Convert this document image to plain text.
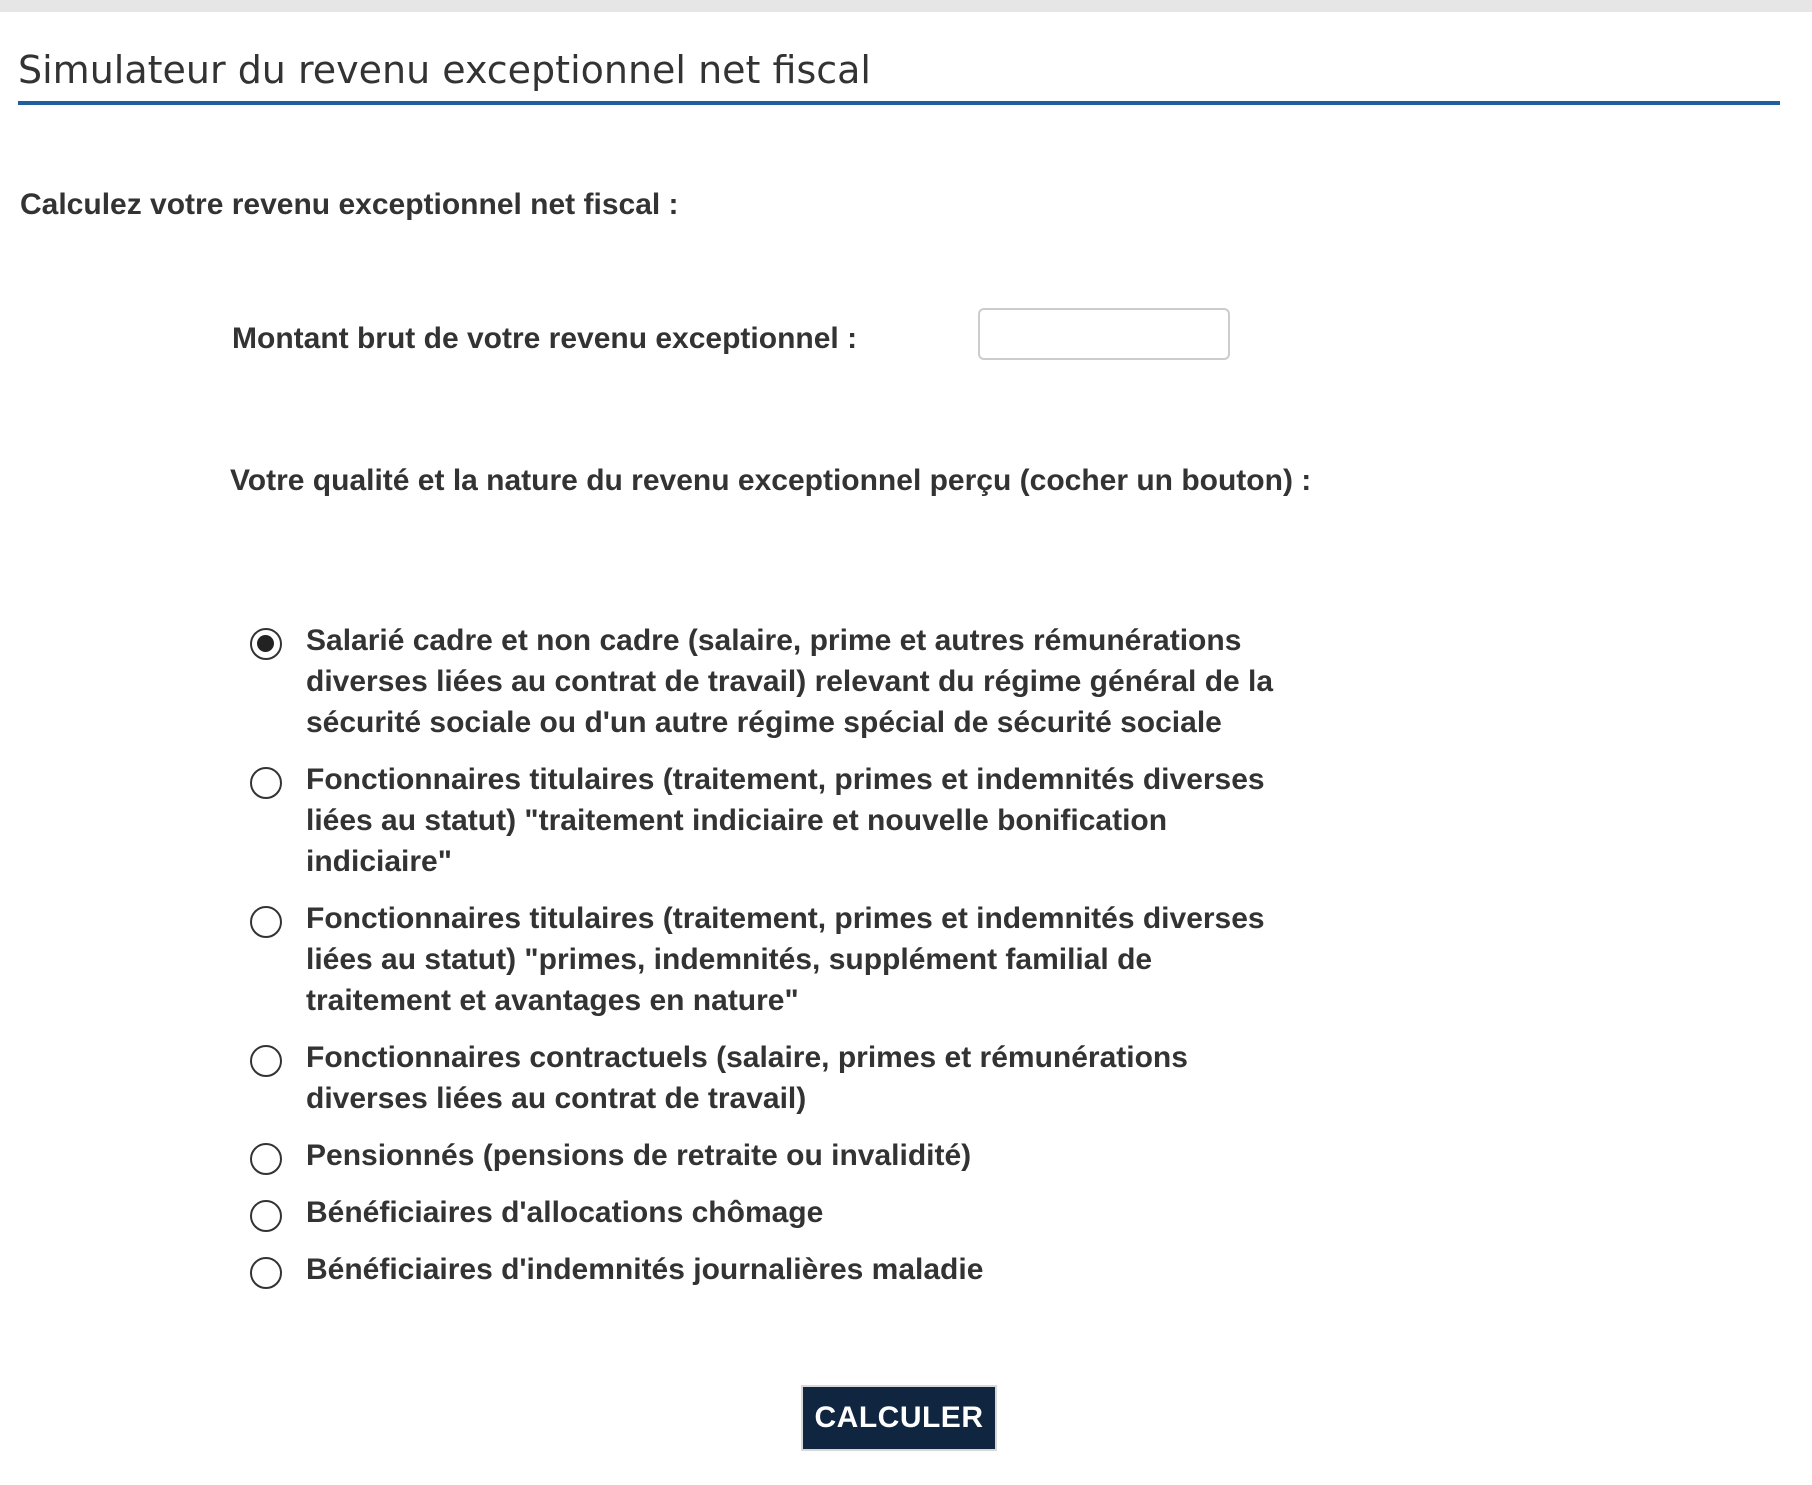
Simulateur du revenu exceptionnel net fiscal
Calculez votre revenu exceptionnel net fiscal :
Montant brut de votre revenu exceptionnel :
Votre qualité et la nature du revenu exceptionnel perçu (cocher un bouton) :
Salarié cadre et non cadre (salaire, prime et autres rémunérations diverses liées au contrat de travail) relevant du régime général de la sécurité sociale ou d'un autre régime spécial de sécurité sociale
Fonctionnaires titulaires (traitement, primes et indemnités diverses liées au statut) "traitement indiciaire et nouvelle bonification indiciaire"
Fonctionnaires titulaires (traitement, primes et indemnités diverses liées au statut) "primes, indemnités, supplément familial de traitement et avantages en nature"
Fonctionnaires contractuels (salaire, primes et rémunérations diverses liées au contrat de travail)
Pensionnés (pensions de retraite ou invalidité)
Bénéficiaires d'allocations chômage
Bénéficiaires d'indemnités journalières maladie
CALCULER
